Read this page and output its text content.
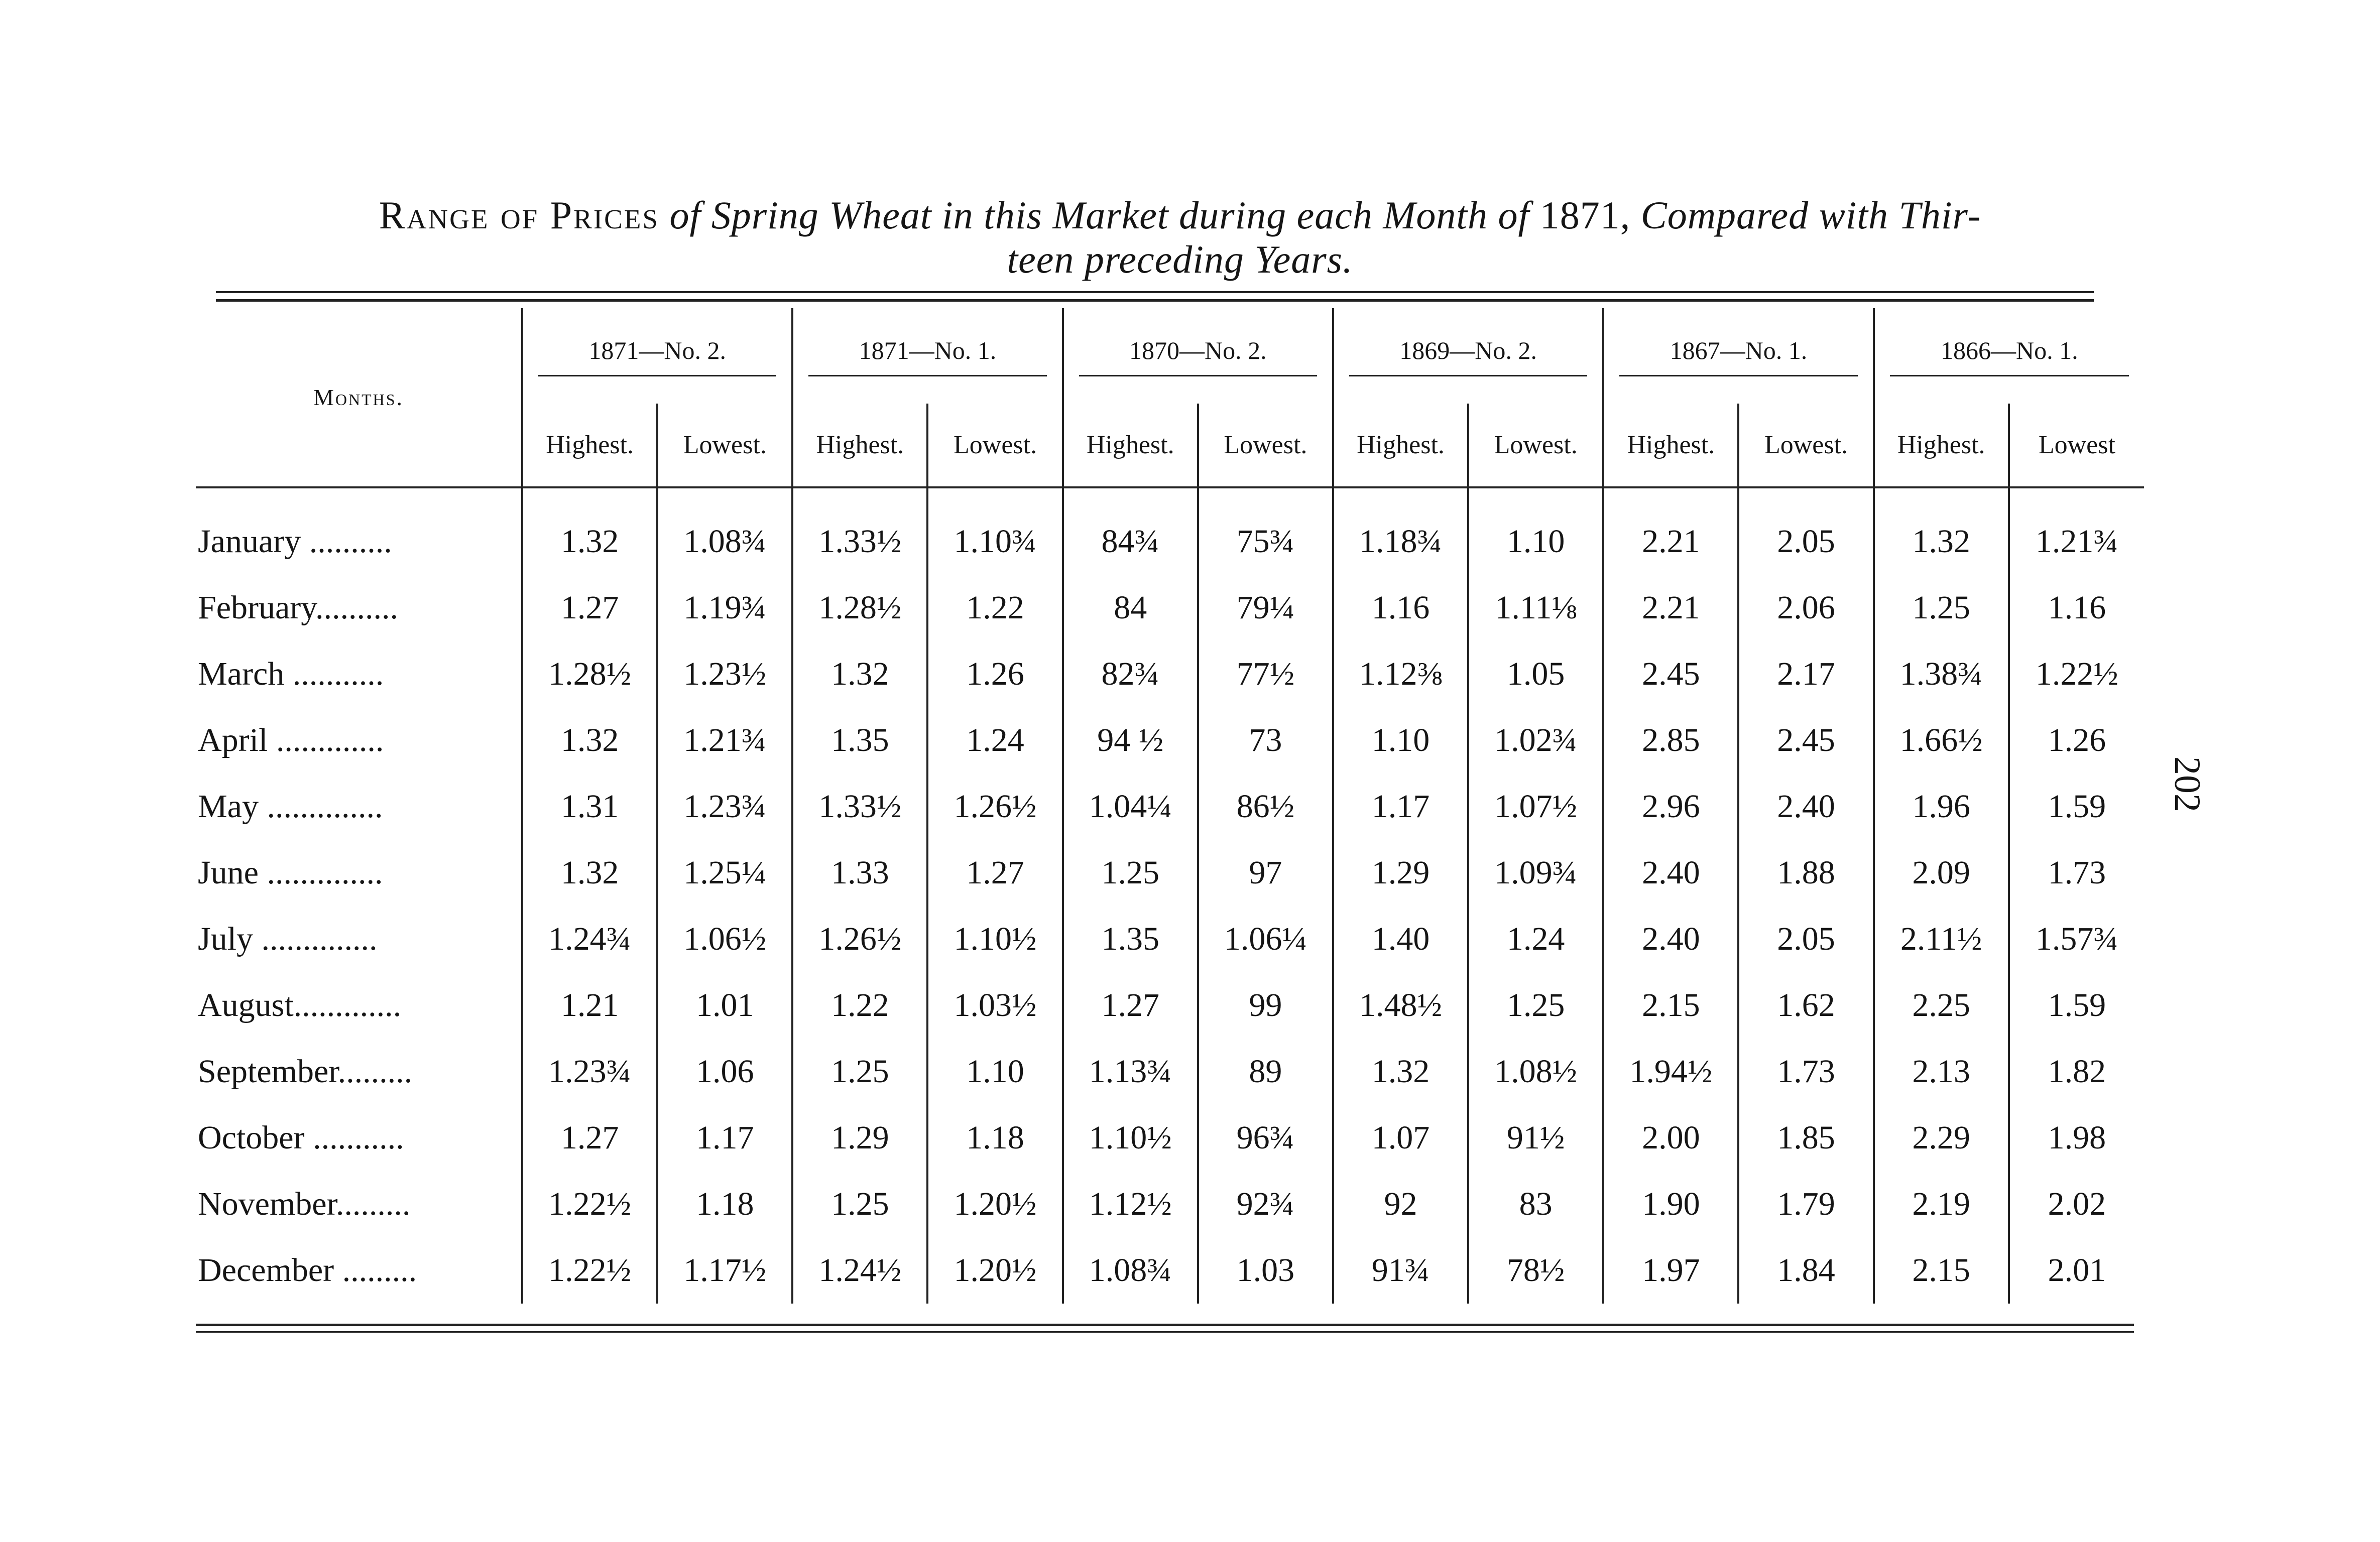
Range of Prices of Spring Wheat in this Market during each Month of 1871, Compared with Thir-
teen preceding Years.
Months.	1871—No. 2.		1871—No. 1.		1870—No. 2.		1869—No. 2.		1867—No. 1.		1866—No. 1.	

	Highest.	Lowest.	Highest.	Lowest.	Highest.	Lowest.	Highest.	Lowest.	Highest.	Lowest.	Highest.	Lowest
January ..........	1.32	1.08¾	1.33½	1.10¾	84¾	75¾	1.18¾	1.10	2.21	2.05	1.32	1.21¾
February..........	1.27	1.19¾	1.28½	1.22	84	79¼	1.16	1.11⅛	2.21	2.06	1.25	1.16
March ...........	1.28½	1.23½	1.32	1.26	82¾	77½	1.12⅜	1.05	2.45	2.17	1.38¾	1.22½
April .............	1.32	1.21¾	1.35	1.24	94 ½	73	1.10	1.02¾	2.85	2.45	1.66½	1.26
May ..............	1.31	1.23¾	1.33½	1.26½	1.04¼	86½	1.17	1.07½	2.96	2.40	1.96	1.59
June ..............	1.32	1.25¼	1.33	1.27	1.25	97	1.29	1.09¾	2.40	1.88	2.09	1.73
July ..............	1.24¾	1.06½	1.26½	1.10½	1.35	1.06¼	1.40	1.24	2.40	2.05	2.11½	1.57¾
August.............	1.21	1.01	1.22	1.03½	1.27	99	1.48½	1.25	2.15	1.62	2.25	1.59
September.........	1.23¾	1.06	1.25	1.10	1.13¾	89	1.32	1.08½	1.94½	1.73	2.13	1.82
October ...........	1.27	1.17	1.29	1.18	1.10½	96¾	1.07	91½	2.00	1.85	2.29	1.98
November.........	1.22½	1.18	1.25	1.20½	1.12½	92¾	92	83	1.90	1.79	2.19	2.02
December .........	1.22½	1.17½	1.24½	1.20½	1.08¾	1.03	91¾	78½	1.97	1.84	2.15	2.01
202
